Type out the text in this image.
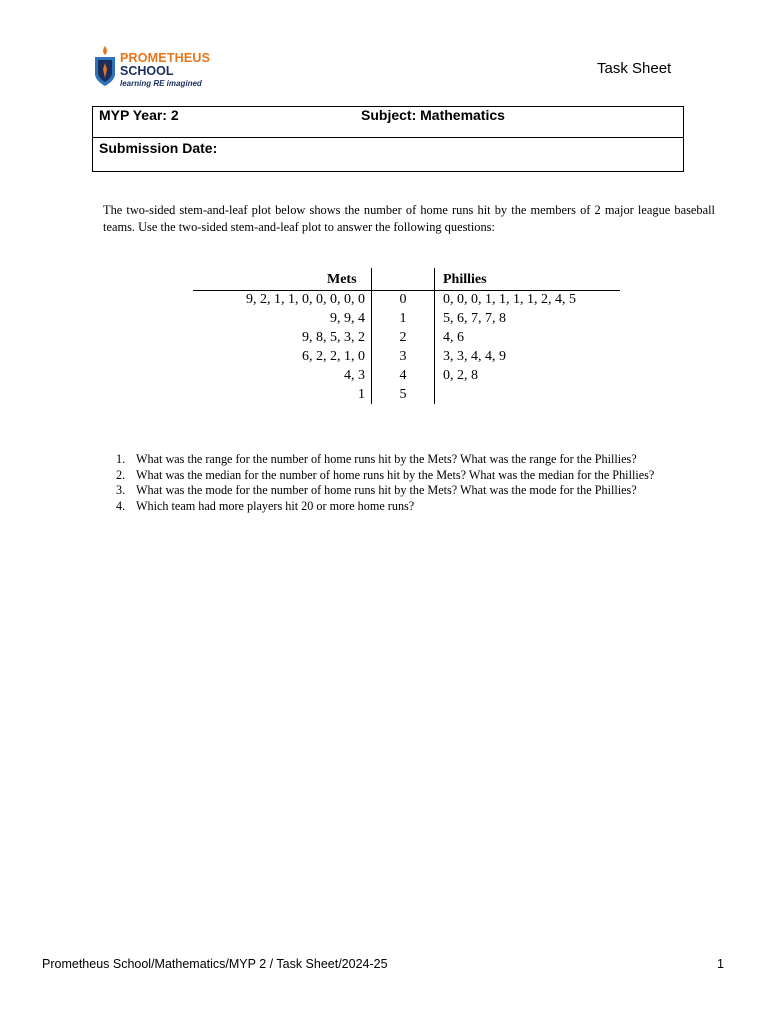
PROMETHEUS
SCHOOL
learning RE imagined
Task Sheet
MYP Year: 2	Subject: Mathematics
Submission Date:
The two-sided stem-and-leaf plot below shows the number of home runs hit by the members of 2 major league baseball teams. Use the two-sided stem-and-leaf plot to answer the following questions:
Mets	Phillies
9, 2, 1, 1, 0, 0, 0, 0, 0	0	0, 0, 0, 1, 1, 1, 1, 2, 4, 5
9, 9, 4	1	5, 6, 7, 7, 8
9, 8, 5, 3, 2	2	4, 6
6, 2, 2, 1, 0	3	3, 3, 4, 4, 9
4, 3	4	0, 2, 8
1	5
1. What was the range for the number of home runs hit by the Mets? What was the range for the Phillies?
2. What was the median for the number of home runs hit by the Mets? What was the median for the Phillies?
3. What was the mode for the number of home runs hit by the Mets? What was the mode for the Phillies?
4. Which team had more players hit 20 or more home runs?
Prometheus School/Mathematics/MYP 2 / Task Sheet/2024-25	1
